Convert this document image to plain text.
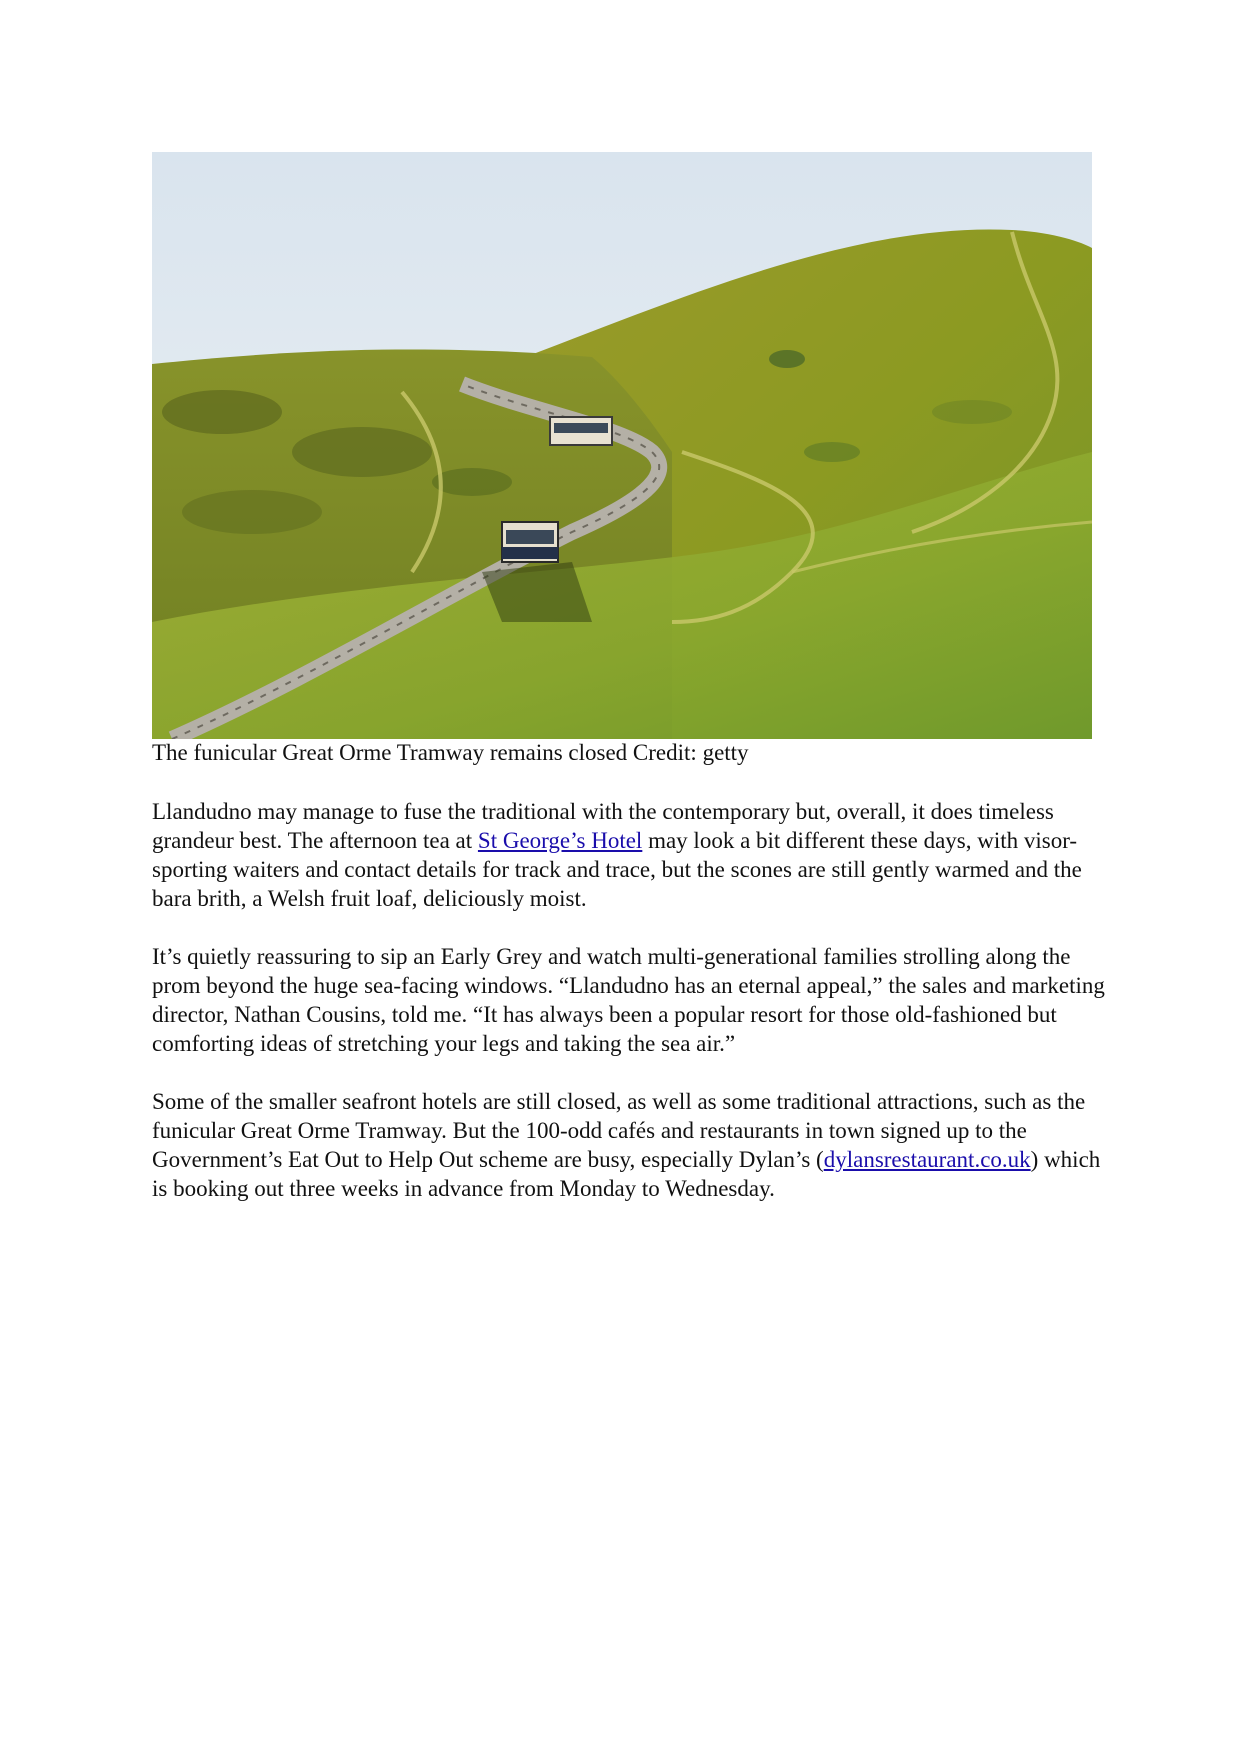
The funicular Great Orme Tramway remains closed Credit: getty

Llandudno may manage to fuse the traditional with the contemporary but, overall, it does timeless grandeur best. The afternoon tea at St George’s Hotel may look a bit different these days, with visor-sporting waiters and contact details for track and trace, but the scones are still gently warmed and the bara brith, a Welsh fruit loaf, deliciously moist.

It’s quietly reassuring to sip an Early Grey and watch multi-generational families strolling along the prom beyond the huge sea-facing windows. “Llandudno has an eternal appeal,” the sales and marketing director, Nathan Cousins, told me. “It has always been a popular resort for those old-fashioned but comforting ideas of stretching your legs and taking the sea air.”

Some of the smaller seafront hotels are still closed, as well as some traditional attractions, such as the funicular Great Orme Tramway. But the 100-odd cafés and restaurants in town signed up to the Government’s Eat Out to Help Out scheme are busy, especially Dylan’s (dylansrestaurant.co.uk) which is booking out three weeks in advance from Monday to Wednesday.
